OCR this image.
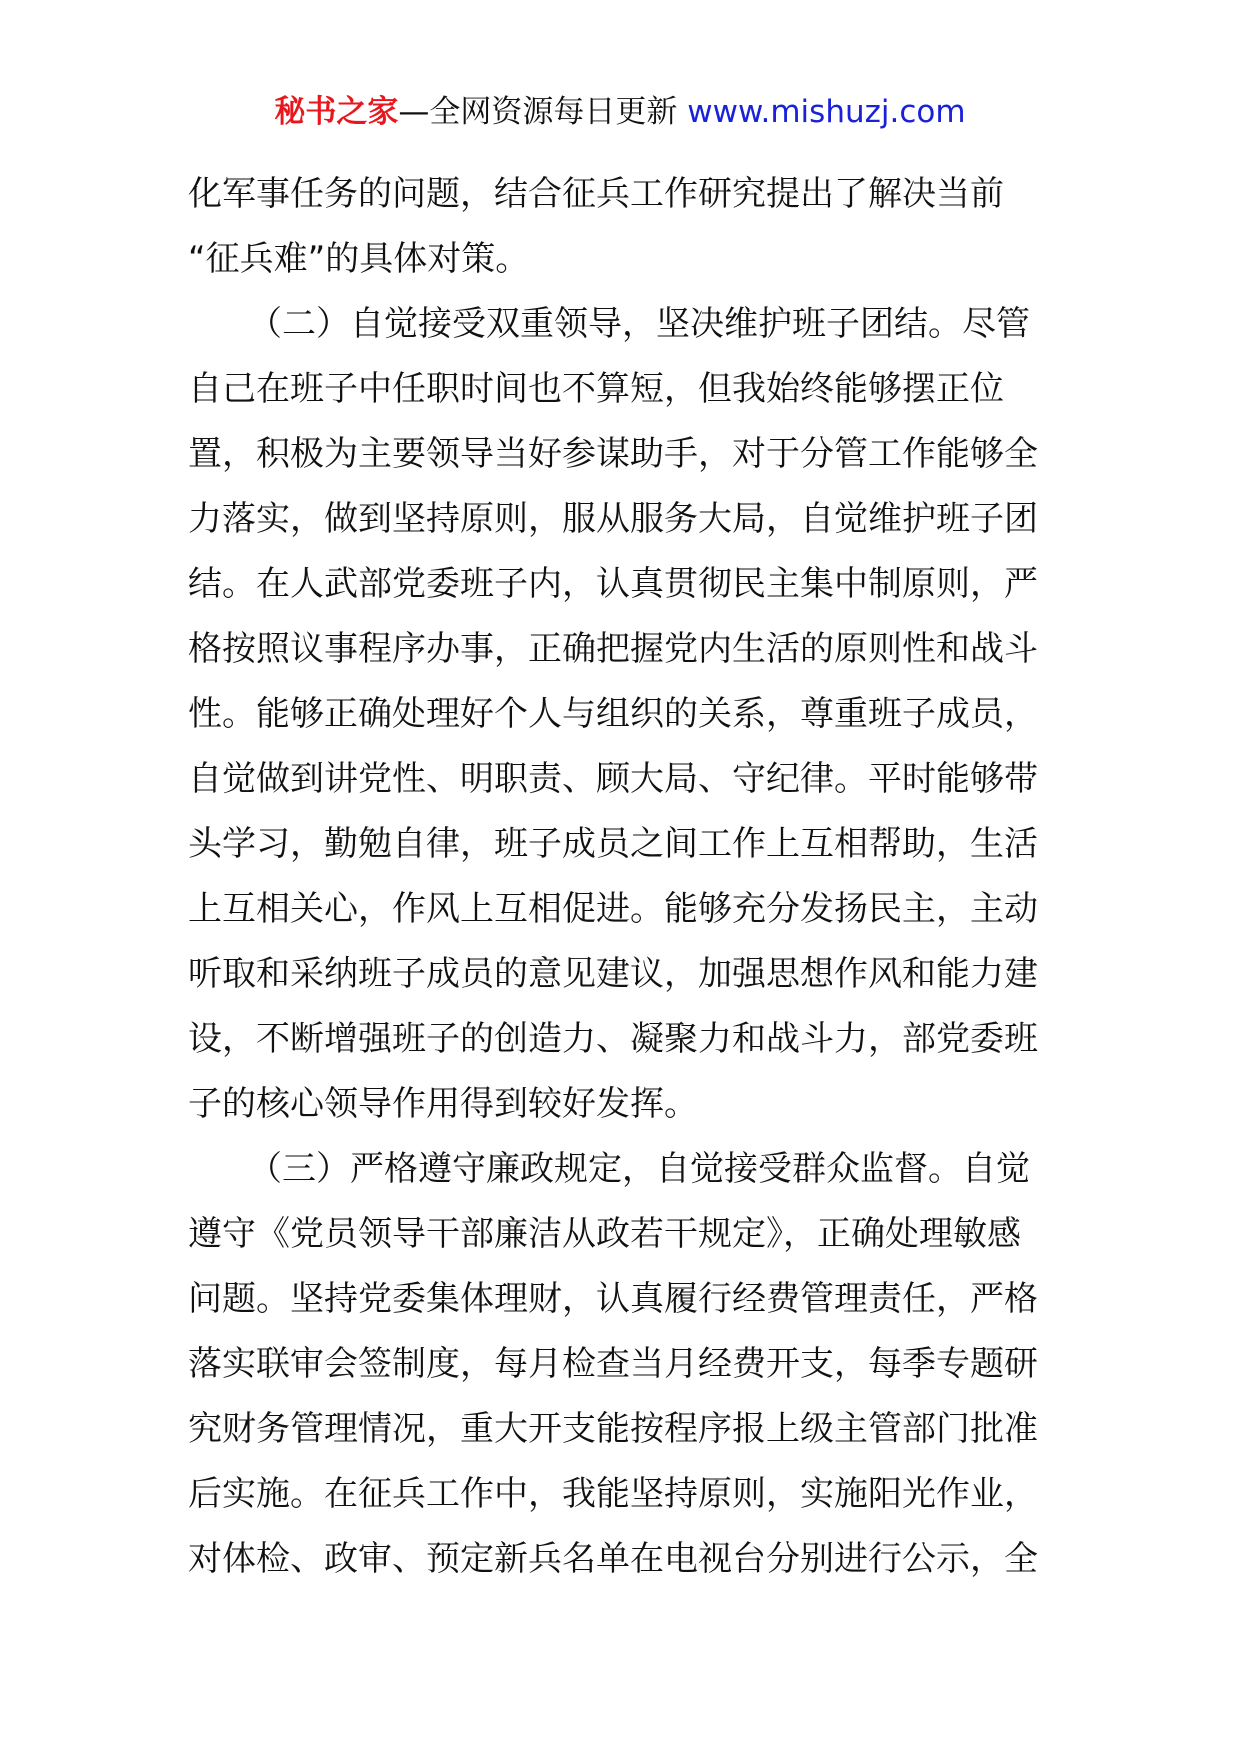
秘书之家—全网资源每日更新 www.mishuzj.com
化军事任务的问题，结合征兵工作研究提出了解决当前
“征兵难”的具体对策。
（二）自觉接受双重领导，坚决维护班子团结。尽管
自己在班子中任职时间也不算短，但我始终能够摆正位
置，积极为主要领导当好参谋助手，对于分管工作能够全
力落实，做到坚持原则，服从服务大局，自觉维护班子团
结。在人武部党委班子内，认真贯彻民主集中制原则，严
格按照议事程序办事，正确把握党内生活的原则性和战斗
性。能够正确处理好个人与组织的关系，尊重班子成员，
自觉做到讲党性、明职责、顾大局、守纪律。平时能够带
头学习，勤勉自律，班子成员之间工作上互相帮助，生活
上互相关心，作风上互相促进。能够充分发扬民主，主动
听取和采纳班子成员的意见建议，加强思想作风和能力建
设，不断增强班子的创造力、凝聚力和战斗力，部党委班
子的核心领导作用得到较好发挥。
（三）严格遵守廉政规定，自觉接受群众监督。自觉
遵守《党员领导干部廉洁从政若干规定》，正确处理敏感
问题。坚持党委集体理财，认真履行经费管理责任，严格
落实联审会签制度，每月检查当月经费开支，每季专题研
究财务管理情况，重大开支能按程序报上级主管部门批准
后实施。在征兵工作中，我能坚持原则，实施阳光作业，
对体检、政审、预定新兵名单在电视台分别进行公示，全
